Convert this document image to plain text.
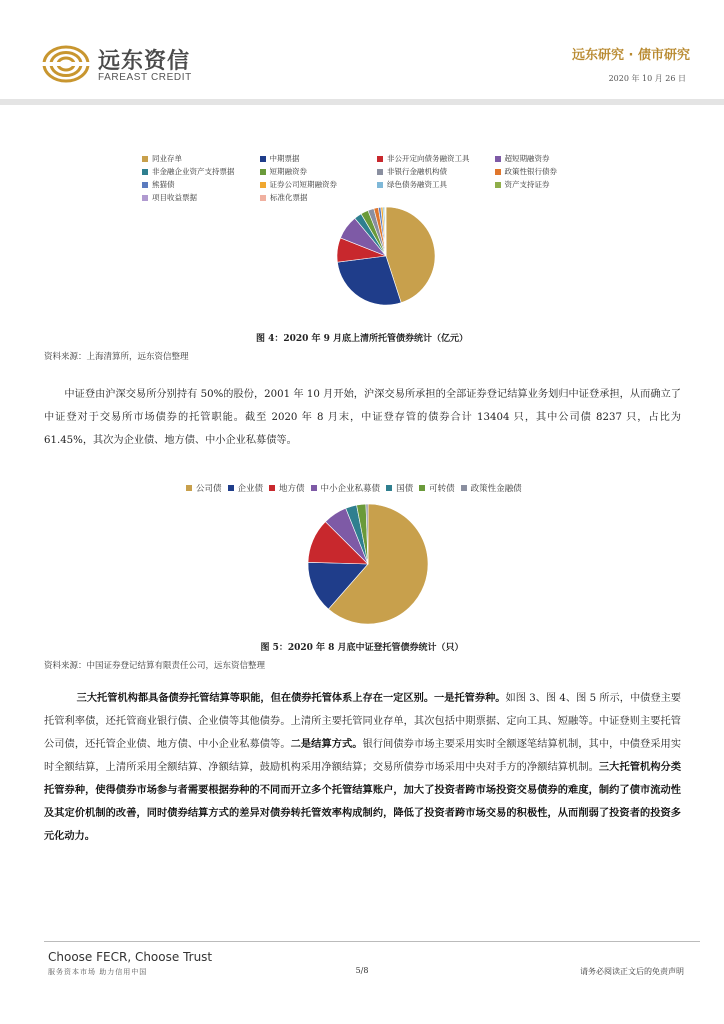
远东资信
FAREAST CREDIT
远东研究 · 债市研究
2020 年 10 月 26 日
同业存单	中期票据	非公开定向债务融资工具	超短期融资券
非金融企业资产支持票据	短期融资券	非银行金融机构债	政策性银行债券
熊猫债	证券公司短期融资券	绿色债务融资工具	资产支持证券
项目收益票据	标准化票据
图 4：2020 年 9 月底上清所托管债券统计（亿元）
资料来源：上海清算所，远东资信整理
中证登由沪深交易所分别持有 50%的股份，2001 年 10 月开始，沪深交易所承担的全部证券登记结算业务划归中证登承担，从而确立了中证登对于交易所市场债券的托管职能。截至 2020 年 8 月末，中证登存管的债券合计 13404 只，其中公司债 8237 只，占比为 61.45%，其次为企业债、地方债、中小企业私募债等。
公司债 企业债 地方债 中小企业私募债 国债 可转债 政策性金融债
图 5：2020 年 8 月底中证登托管债券统计（只）
资料来源：中国证券登记结算有限责任公司，远东资信整理
三大托管机构都具备债券托管结算等职能，但在债券托管体系上存在一定区别。一是托管券种。如图 3、图 4、图 5 所示，中债登主要托管利率债，还托管商业银行债、企业债等其他债券。上清所主要托管同业存单，其次包括中期票据、定向工具、短融等。中证登则主要托管公司债，还托管企业债、地方债、中小企业私募债等。二是结算方式。银行间债券市场主要采用实时全额逐笔结算机制，其中，中债登采用实时全额结算，上清所采用全额结算、净额结算，鼓励机构采用净额结算；交易所债券市场采用中央对手方的净额结算机制。三大托管机构分类托管券种，使得债券市场参与者需要根据券种的不同而开立多个托管结算账户，加大了投资者跨市场投资交易债券的难度，制约了债市流动性及其定价机制的改善，同时债券结算方式的差异对债券转托管效率构成制约，降低了投资者跨市场交易的积极性，从而削弱了投资者的投资多元化动力。
Choose FECR, Choose Trust
服务资本市场 助力信用中国	5/8	请务必阅读正文后的免责声明
